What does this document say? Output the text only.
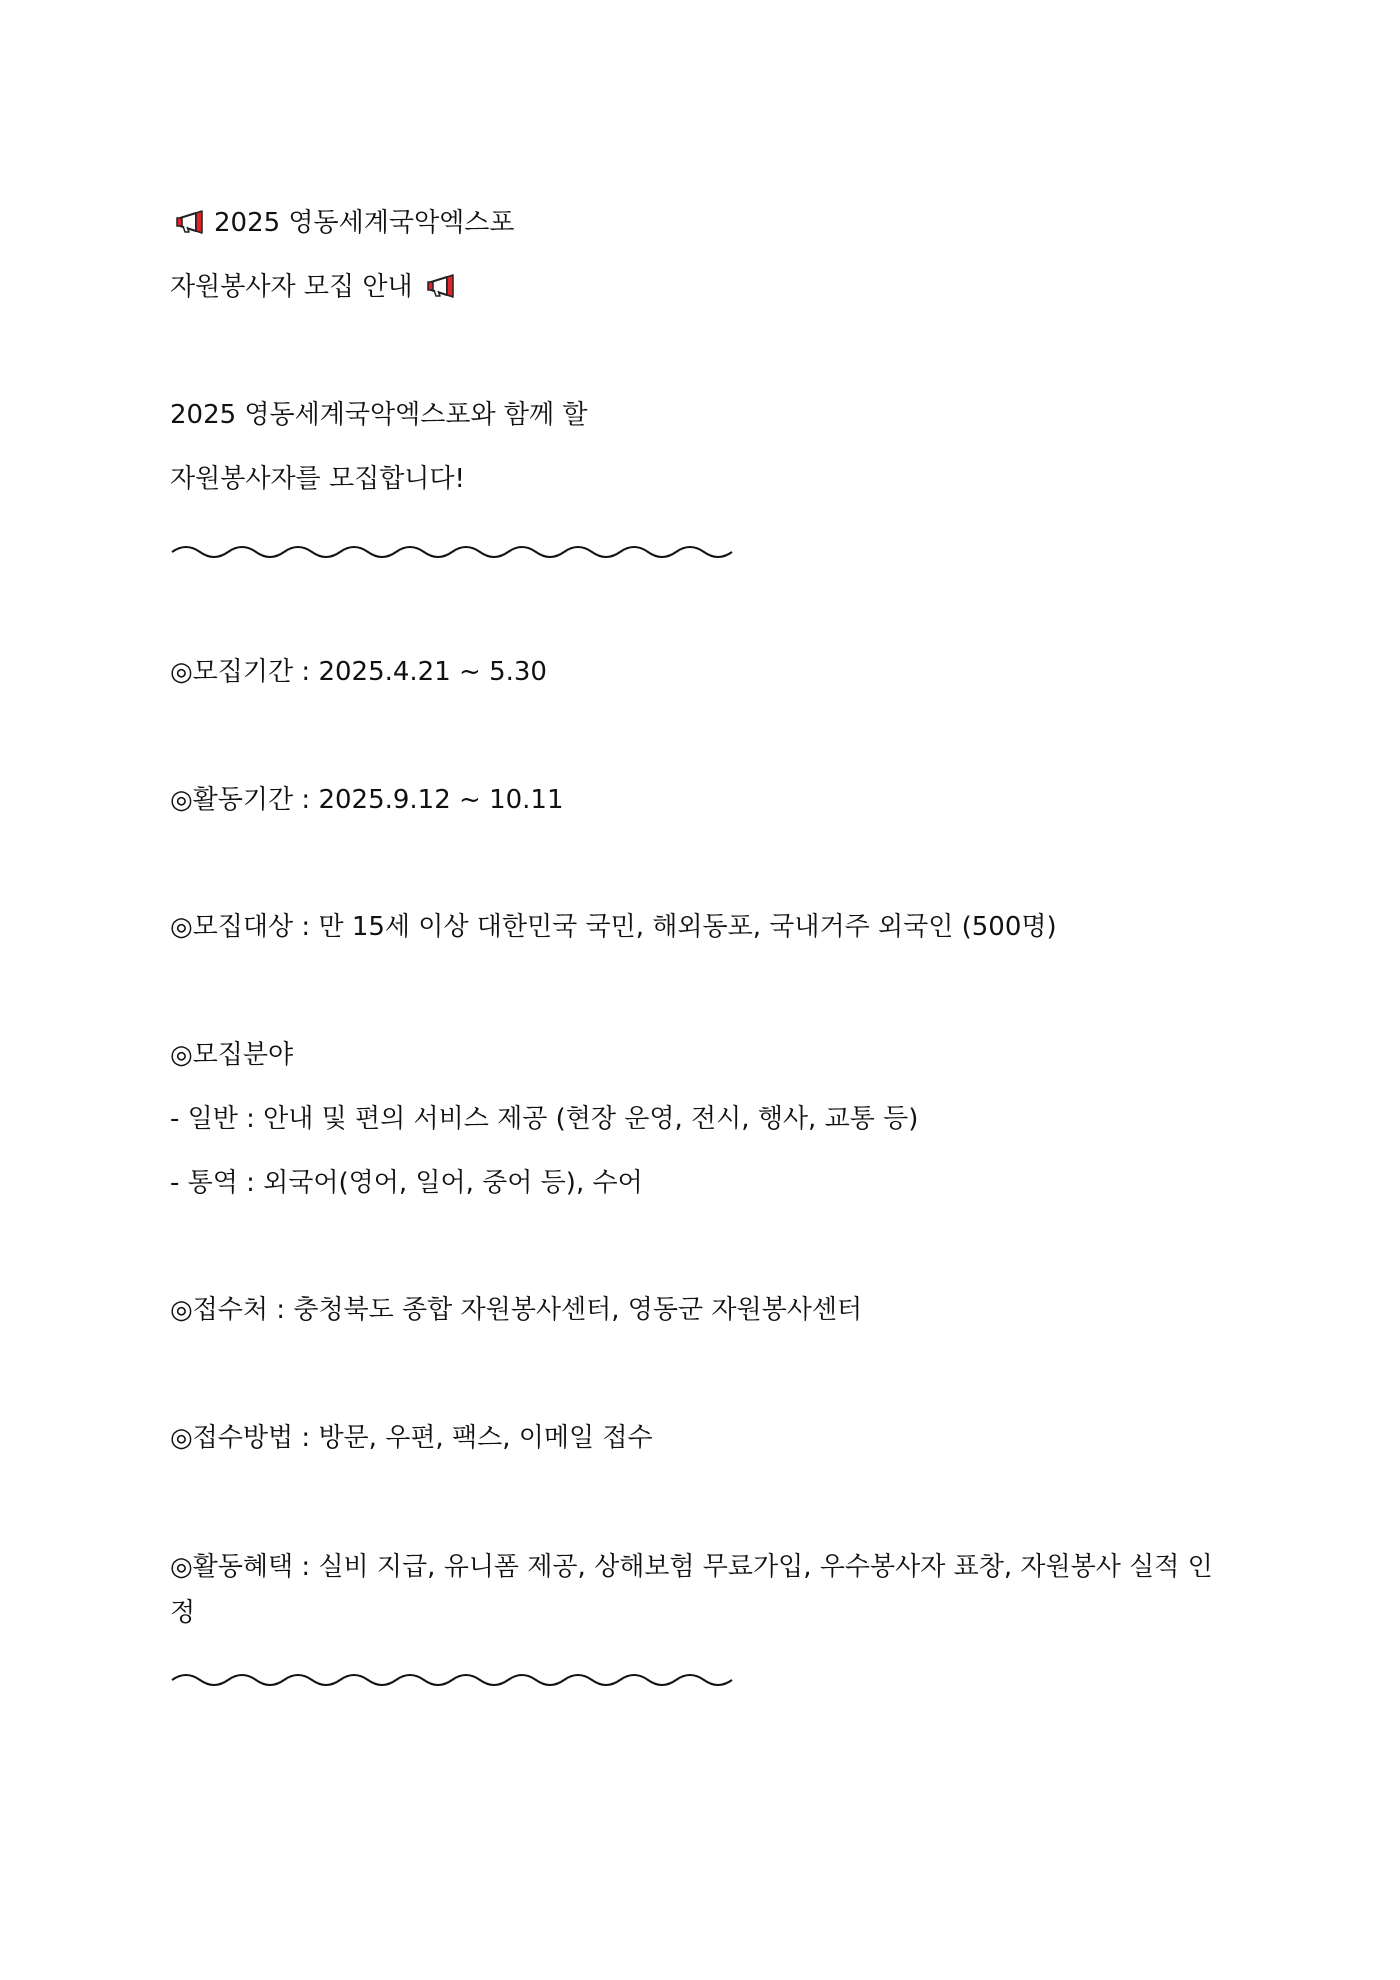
2025 영동세계국악엑스포
자원봉사자 모집 안내
2025 영동세계국악엑스포와 함께 할
자원봉사자를 모집합니다!
◎모집기간 : 2025.4.21 ~ 5.30
◎활동기간 : 2025.9.12 ~ 10.11
◎모집대상 : 만 15세 이상 대한민국 국민, 해외동포, 국내거주 외국인 (500명)
◎모집분야
- 일반 : 안내 및 편의 서비스 제공 (현장 운영, 전시, 행사, 교통 등)
- 통역 : 외국어(영어, 일어, 중어 등), 수어
◎접수처 : 충청북도 종합 자원봉사센터, 영동군 자원봉사센터
◎접수방법 : 방문, 우편, 팩스, 이메일 접수
◎활동혜택 : 실비 지급, 유니폼 제공, 상해보험 무료가입, 우수봉사자 표창, 자원봉사 실적 인정
